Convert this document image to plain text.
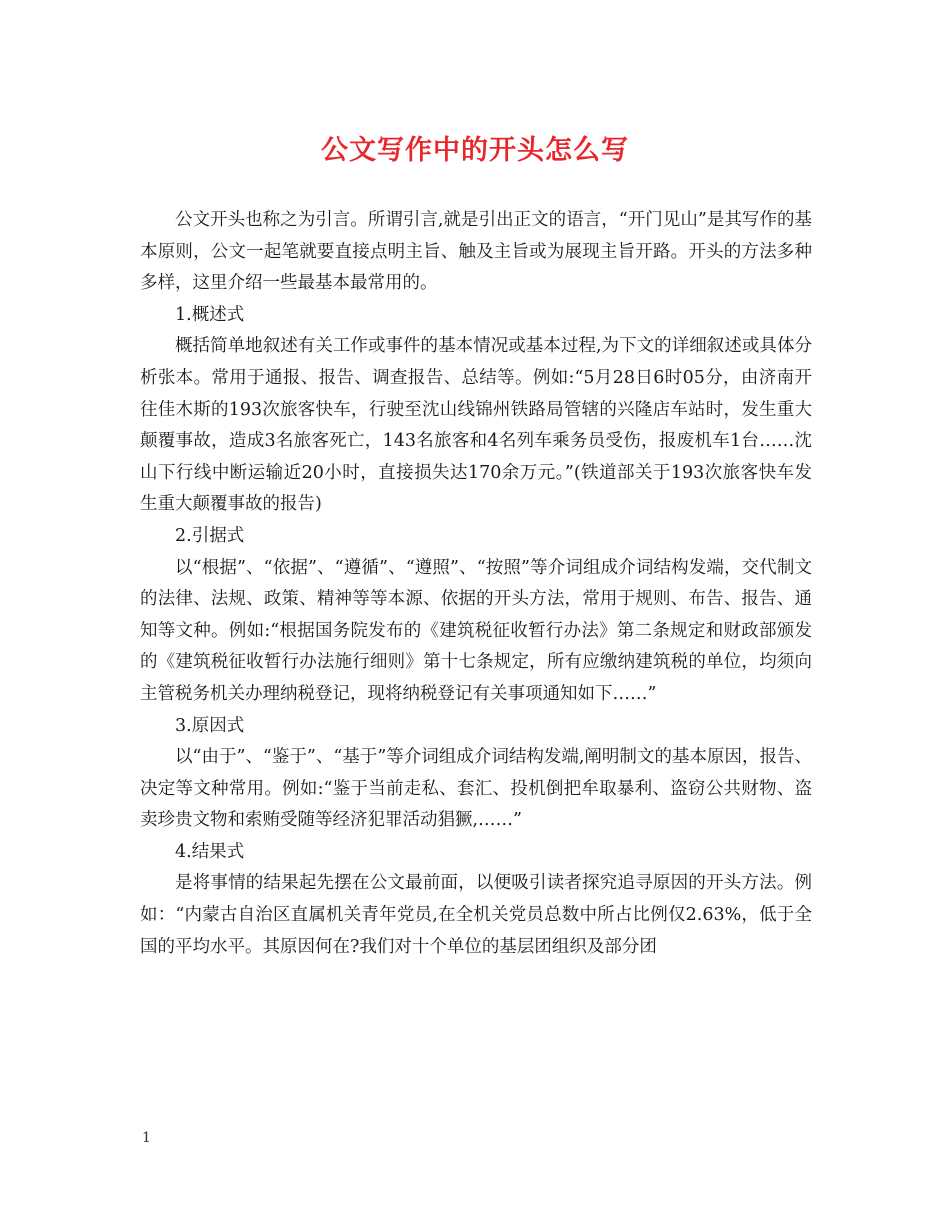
公文写作中的开头怎么写

公文开头也称之为引言。所谓引言,就是引出正文的语言，“开门见山”是其写作的基本原则，公文一起笔就要直接点明主旨、触及主旨或为展现主旨开路。开头的方法多种多样，这里介绍一些最基本最常用的。

1.概述式

概括简单地叙述有关工作或事件的基本情况或基本过程,为下文的详细叙述或具体分析张本。常用于通报、报告、调查报告、总结等。例如:“5月28日6时05分，由济南开往佳木斯的193次旅客快车，行驶至沈山线锦州铁路局管辖的兴隆店车站时，发生重大颠覆事故，造成3名旅客死亡，143名旅客和4名列车乘务员受伤，报废机车1台……沈山下行线中断运输近20小时，直接损失达170余万元。”(铁道部关于193次旅客快车发生重大颠覆事故的报告)

2.引据式

以“根据”、“依据”、“遵循”、“遵照”、“按照”等介词组成介词结构发端，交代制文的法律、法规、政策、精神等等本源、依据的开头方法，常用于规则、布告、报告、通知等文种。例如:“根据国务院发布的《建筑税征收暂行办法》第二条规定和财政部颁发的《建筑税征收暂行办法施行细则》第十七条规定，所有应缴纳建筑税的单位，均须向主管税务机关办理纳税登记，现将纳税登记有关事项通知如下……”

3.原因式

以“由于”、“鉴于”、“基于”等介词组成介词结构发端,阐明制文的基本原因，报告、决定等文种常用。例如:“鉴于当前走私、套汇、投机倒把牟取暴利、盗窃公共财物、盗卖珍贵文物和索贿受随等经济犯罪活动猖獗,……”

4.结果式

是将事情的结果起先摆在公文最前面，以便吸引读者探究追寻原因的开头方法。例如：“内蒙古自治区直属机关青年党员,在全机关党员总数中所占比例仅2.63%，低于全国的平均水平。其原因何在?我们对十个单位的基层团组织及部分团

1
